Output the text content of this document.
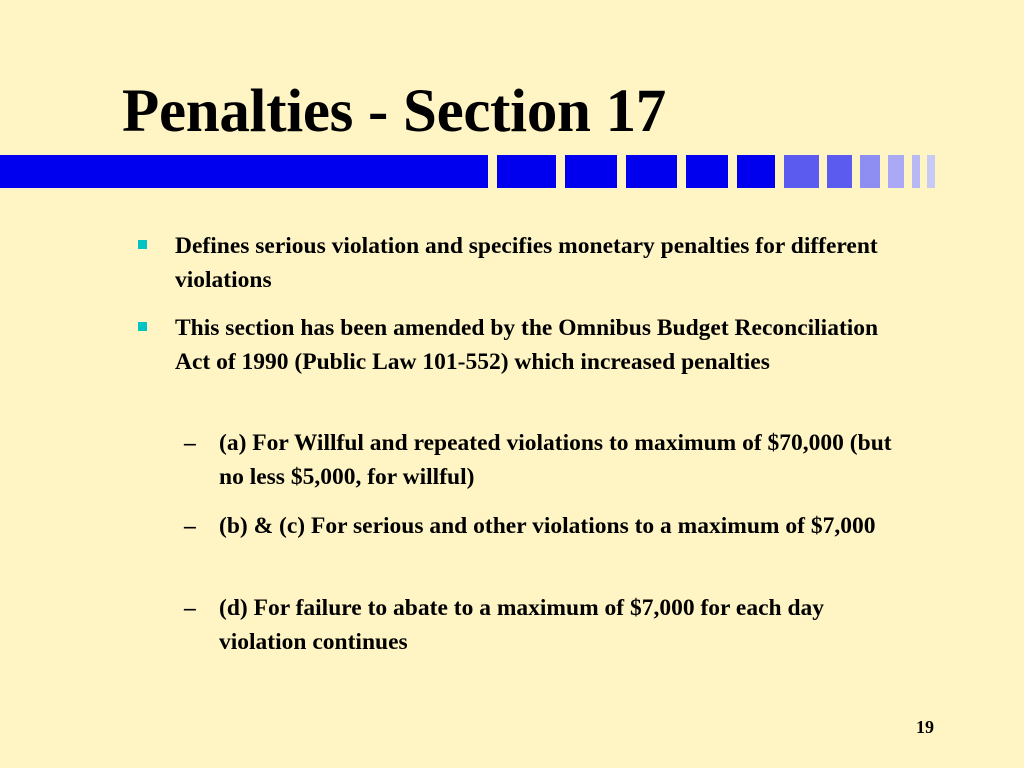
Penalties - Section 17
Defines serious violation and specifies monetary penalties for different violations
This section has been amended by the Omnibus Budget Reconciliation Act of 1990 (Public Law 101-552) which increased penalties
– (a) For Willful and repeated violations to maximum of $70,000 (but no less $5,000, for willful)
– (b) & (c) For serious and other violations to a maximum of $7,000
– (d) For failure to abate to a maximum of $7,000 for each day violation continues
19
